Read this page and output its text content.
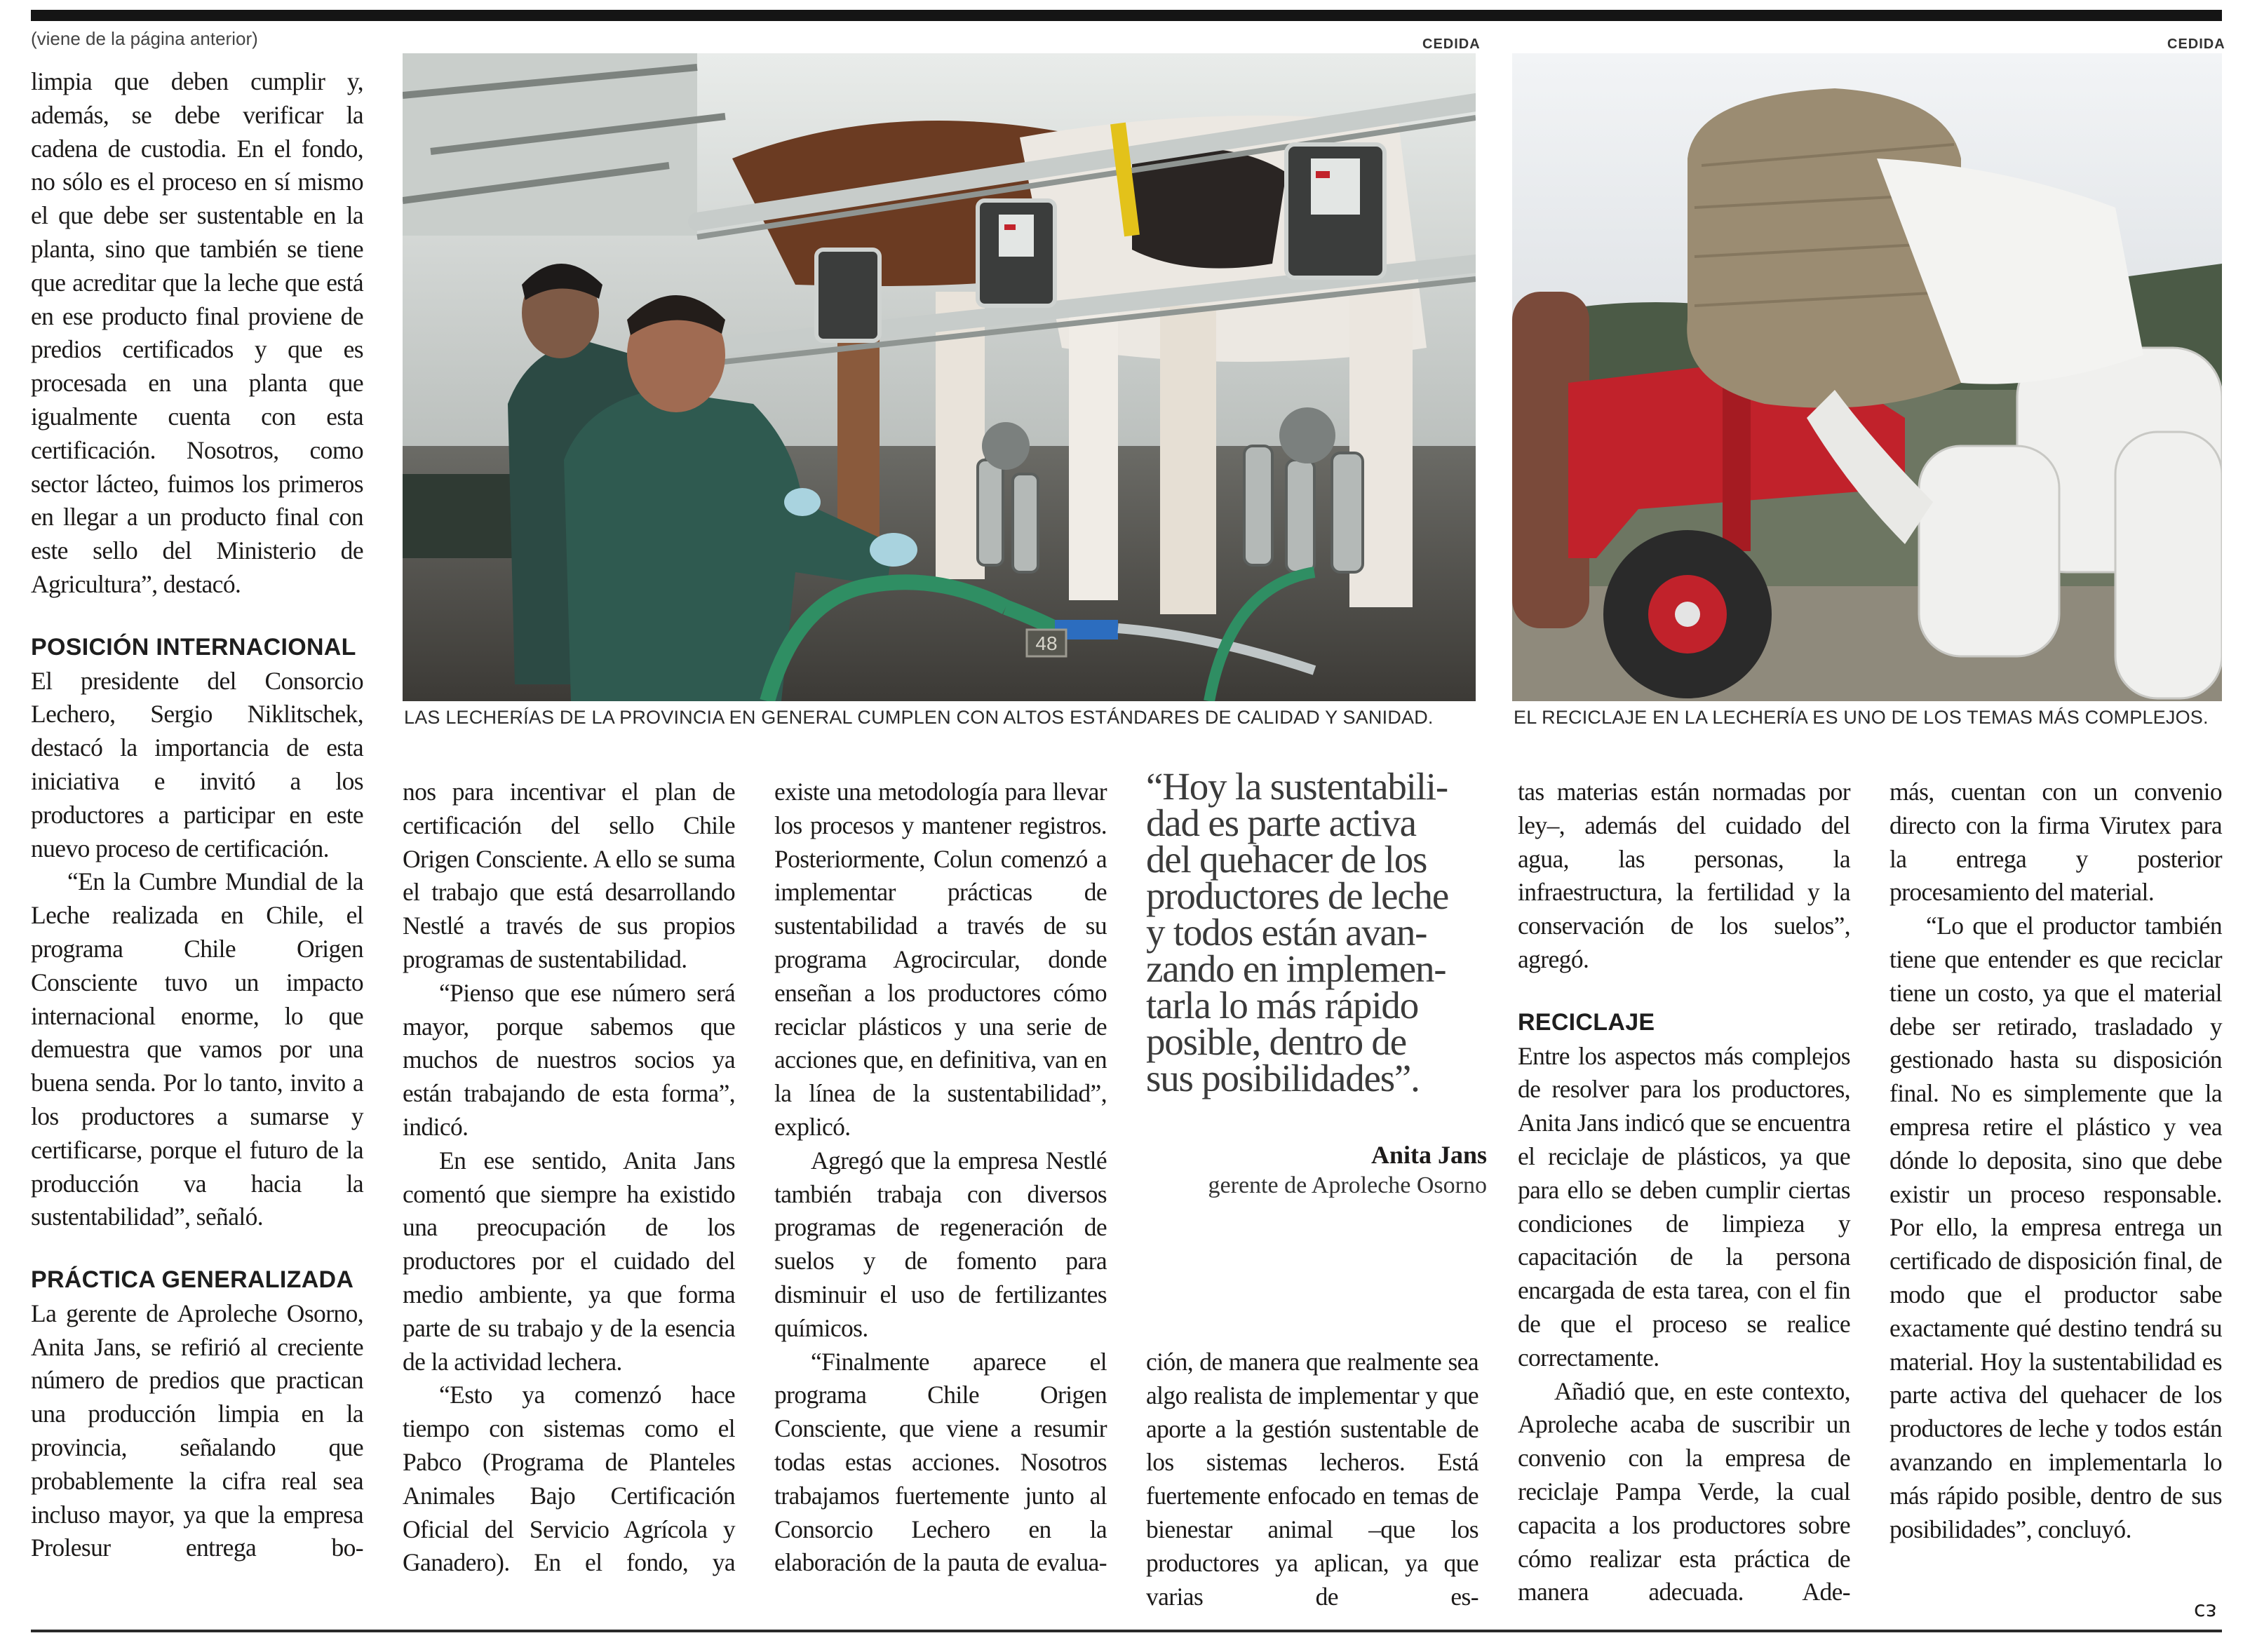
(viene de la página anterior)	CEDIDA	CEDIDA
48
LAS LECHERÍAS DE LA PROVINCIA EN GENERAL CUMPLEN CON ALTOS ESTÁNDARES DE CALIDAD Y SANIDAD.	EL RECICLAJE EN LA LECHERÍA ES UNO DE LOS TEMAS MÁS COMPLEJOS.

limpia que deben cumplir y, además, se debe verificar la cadena de custodia. En el fondo, no sólo es el proceso en sí mismo el que debe ser sustentable en la planta, sino que también se tiene que acreditar que la leche que está en ese producto final proviene de predios certificados y que es procesada en una planta que igualmente cuenta con esta certificación. Nosotros, como sector lácteo, fuimos los primeros en llegar a un producto final con este sello del Ministerio de Agricultura”, destacó.

POSICIÓN INTERNACIONAL

El presidente del Consorcio Lechero, Sergio Niklitschek, destacó la importancia de esta iniciativa e invitó a los productores a participar en este nuevo proceso de certificación.

“En la Cumbre Mundial de la Leche realizada en Chile, el programa Chile Origen Consciente tuvo un impacto internacional enorme, lo que demuestra que vamos por una buena senda. Por lo tanto, invito a los productores a sumarse y certificarse, porque el futuro de la producción va hacia la sustentabilidad”, señaló.

PRÁCTICA GENERALIZADA

La gerente de Aproleche Osorno, Anita Jans, se refirió al creciente número de predios que practican una producción limpia en la provincia, señalando que probablemente la cifra real sea incluso mayor, ya que la empresa Prolesur entrega bo-

nos para incentivar el plan de certificación del sello Chile Origen Consciente. A ello se suma el trabajo que está desarrollando Nestlé a través de sus propios programas de sustentabilidad.

“Pienso que ese número será mayor, porque sabemos que muchos de nuestros socios ya están trabajando de esta forma”, indicó.

En ese sentido, Anita Jans comentó que siempre ha existido una preocupación de los productores por el cuidado del medio ambiente, ya que forma parte de su trabajo y de la esencia de la actividad lechera.

“Esto ya comenzó hace tiempo con sistemas como el Pabco (Programa de Planteles Animales Bajo Certificación Oficial del Servicio Agrícola y Ganadero). En el fondo, ya

existe una metodología para llevar los procesos y mantener registros. Posteriormente, Colun comenzó a implementar prácticas de sustentabilidad a través de su programa Agrocircular, donde enseñan a los productores cómo reciclar plásticos y una serie de acciones que, en definitiva, van en la línea de la sustentabilidad”, explicó.

Agregó que la empresa Nestlé también trabaja con diversos programas de regeneración de suelos y de fomento para disminuir el uso de fertilizantes químicos.

“Finalmente aparece el programa Chile Origen Consciente, que viene a resumir todas estas acciones. Nosotros trabajamos fuertemente junto al Consorcio Lechero en la elaboración de la pauta de evalua-

“Hoy la sustentabili-
dad es parte activa
del quehacer de los
productores de leche
y todos están avan-
zando en implemen-
tarla lo más rápido
posible, dentro de
sus posibilidades”.
Anita Jans
gerente de Aproleche Osorno

ción, de manera que realmente sea algo realista de implementar y que aporte a la gestión sustentable de los sistemas lecheros. Está fuertemente enfocado en temas de bienestar animal –que los productores ya aplican, ya que varias de es-

tas materias están normadas por ley–, además del cuidado del agua, las personas, la infraestructura, la fertilidad y la conservación de los suelos”, agregó.

RECICLAJE

Entre los aspectos más complejos de resolver para los productores, Anita Jans indicó que se encuentra el reciclaje de plásticos, ya que para ello se deben cumplir ciertas condiciones de limpieza y capacitación de la persona encargada de esta tarea, con el fin de que el proceso se realice correctamente.

Añadió que, en este contexto, Aproleche acaba de suscribir un convenio con la empresa de reciclaje Pampa Verde, la cual capacita a los productores sobre cómo realizar esta práctica de manera adecuada. Ade-

más, cuentan con un convenio directo con la firma Virutex para la entrega y posterior procesamiento del material.

“Lo que el productor también tiene que entender es que reciclar tiene un costo, ya que el material debe ser retirado, trasladado y gestionado hasta su disposición final. No es simplemente que la empresa retire el plástico y vea dónde lo deposita, sino que debe existir un proceso responsable. Por ello, la empresa entrega un certificado de disposición final, de modo que el productor sabe exactamente qué destino tendrá su material. Hoy la sustentabilidad es parte activa del quehacer de los productores de leche y todos están avanzando en implementarla lo más rápido posible, dentro de sus posibilidades”, concluyó.

ᴄᴈ
